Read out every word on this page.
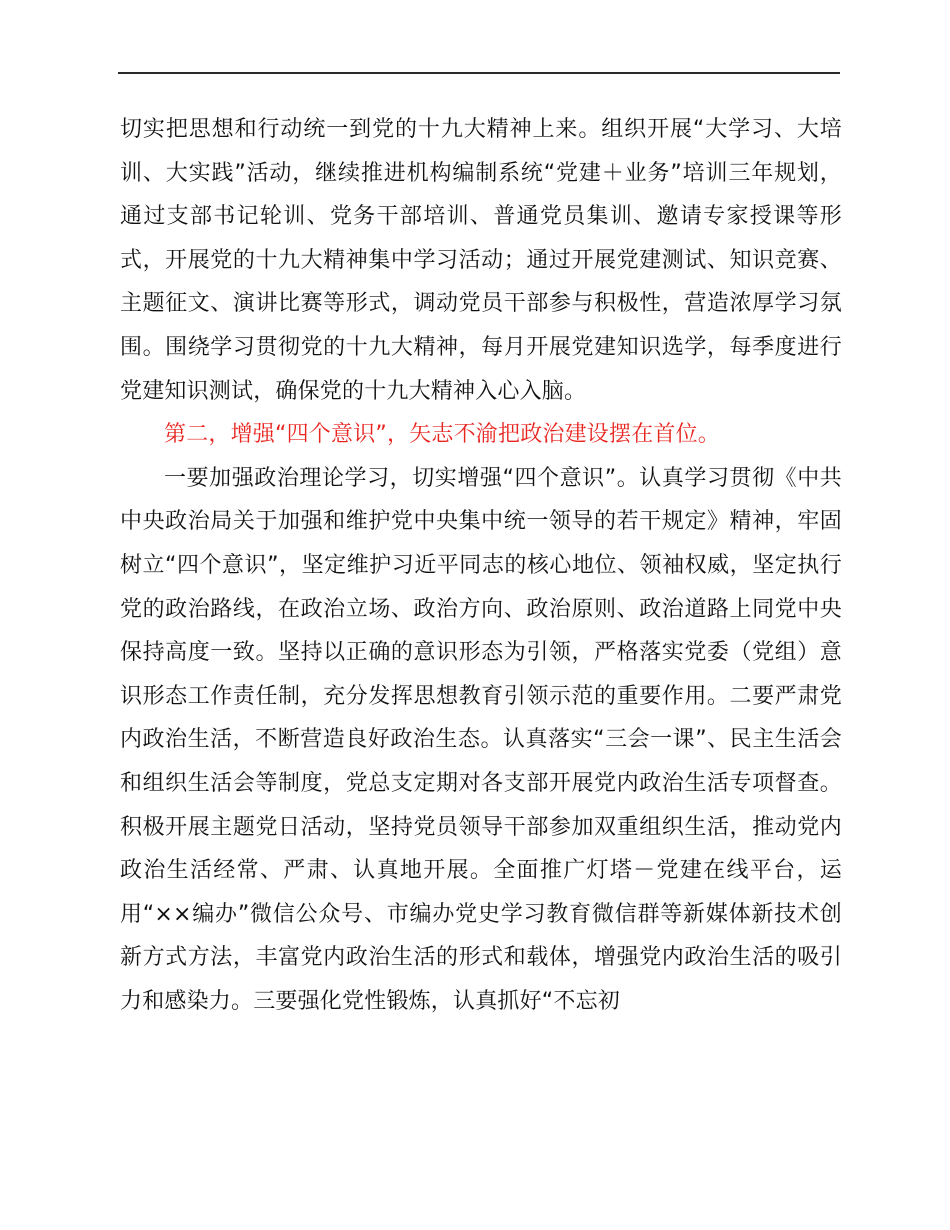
切实把思想和行动统一到党的十九大精神上来。组织开展“大学习、大培训、大实践”活动，继续推进机构编制系统“党建＋业务”培训三年规划，通过支部书记轮训、党务干部培训、普通党员集训、邀请专家授课等形式，开展党的十九大精神集中学习活动；通过开展党建测试、知识竞赛、主题征文、演讲比赛等形式，调动党员干部参与积极性，营造浓厚学习氛围。围绕学习贯彻党的十九大精神，每月开展党建知识选学，每季度进行党建知识测试，确保党的十九大精神入心入脑。

第二，增强“四个意识”，矢志不渝把政治建设摆在首位。

一要加强政治理论学习，切实增强“四个意识”。认真学习贯彻《中共中央政治局关于加强和维护党中央集中统一领导的若干规定》精神，牢固树立“四个意识”，坚定维护习近平同志的核心地位、领袖权威，坚定执行党的政治路线，在政治立场、政治方向、政治原则、政治道路上同党中央保持高度一致。坚持以正确的意识形态为引领，严格落实党委（党组）意识形态工作责任制，充分发挥思想教育引领示范的重要作用。二要严肃党内政治生活，不断营造良好政治生态。认真落实“三会一课”、民主生活会和组织生活会等制度，党总支定期对各支部开展党内政治生活专项督查。积极开展主题党日活动，坚持党员领导干部参加双重组织生活，推动党内政治生活经常、严肃、认真地开展。全面推广灯塔－党建在线平台，运用“××编办”微信公众号、市编办党史学习教育微信群等新媒体新技术创新方式方法，丰富党内政治生活的形式和载体，增强党内政治生活的吸引力和感染力。三要强化党性锻炼，认真抓好“不忘初
